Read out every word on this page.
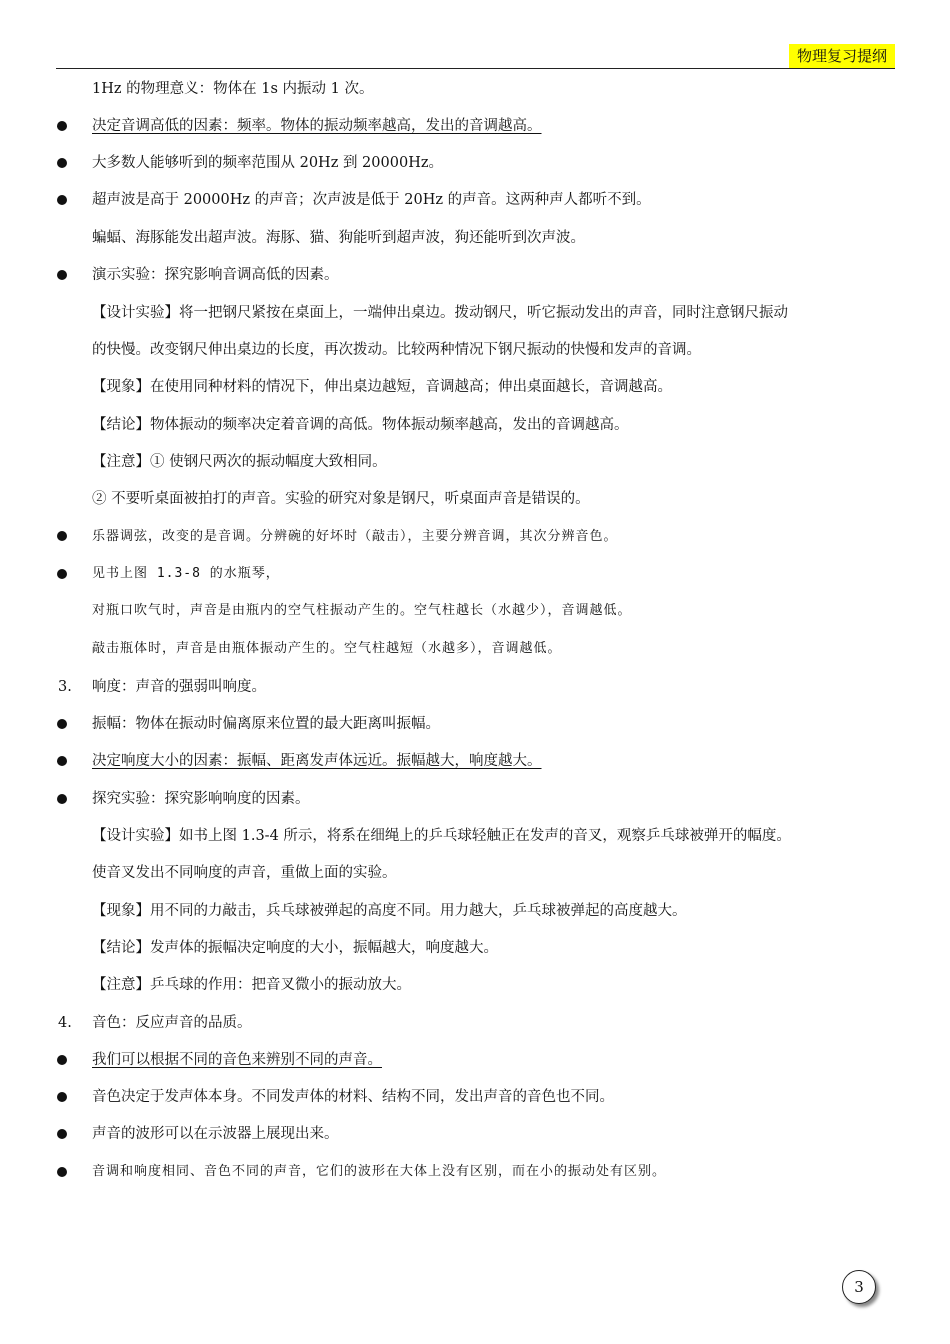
物理复习提纲
1Hz 的物理意义：物体在 1s 内振动 1 次。
决定音调高低的因素：频率。物体的振动频率越高，发出的音调越高。
大多数人能够听到的频率范围从 20Hz 到 20000Hz。
超声波是高于 20000Hz 的声音；次声波是低于 20Hz 的声音。这两种声人都听不到。
蝙蝠、海豚能发出超声波。海豚、猫、狗能听到超声波，狗还能听到次声波。
演示实验：探究影响音调高低的因素。
【设计实验】将一把钢尺紧按在桌面上，一端伸出桌边。拨动钢尺，听它振动发出的声音，同时注意钢尺振动
的快慢。改变钢尺伸出桌边的长度，再次拨动。比较两种情况下钢尺振动的快慢和发声的音调。
【现象】在使用同种材料的情况下，伸出桌边越短，音调越高；伸出桌面越长，音调越高。
【结论】物体振动的频率决定着音调的高低。物体振动频率越高，发出的音调越高。
【注意】① 使钢尺两次的振动幅度大致相同。
② 不要听桌面被拍打的声音。实验的研究对象是钢尺，听桌面声音是错误的。
乐器调弦，改变的是音调。分辨碗的好坏时（敲击），主要分辨音调，其次分辨音色。
见书上图 1.3-8 的水瓶琴，
对瓶口吹气时，声音是由瓶内的空气柱振动产生的。空气柱越长（水越少），音调越低。
敲击瓶体时，声音是由瓶体振动产生的。空气柱越短（水越多），音调越低。
3. 响度：声音的强弱叫响度。
振幅：物体在振动时偏离原来位置的最大距离叫振幅。
决定响度大小的因素：振幅、距离发声体远近。振幅越大，响度越大。
探究实验：探究影响响度的因素。
【设计实验】如书上图 1.3-4 所示，将系在细绳上的乒乓球轻触正在发声的音叉，观察乒乓球被弹开的幅度。
使音叉发出不同响度的声音，重做上面的实验。
【现象】用不同的力敲击，兵乓球被弹起的高度不同。用力越大，乒乓球被弹起的高度越大。
【结论】发声体的振幅决定响度的大小，振幅越大，响度越大。
【注意】乒乓球的作用：把音叉微小的振动放大。
4. 音色：反应声音的品质。
我们可以根据不同的音色来辨别不同的声音。
音色决定于发声体本身。不同发声体的材料、结构不同，发出声音的音色也不同。
声音的波形可以在示波器上展现出来。
音调和响度相同、音色不同的声音，它们的波形在大体上没有区别，而在小的振动处有区别。
3
